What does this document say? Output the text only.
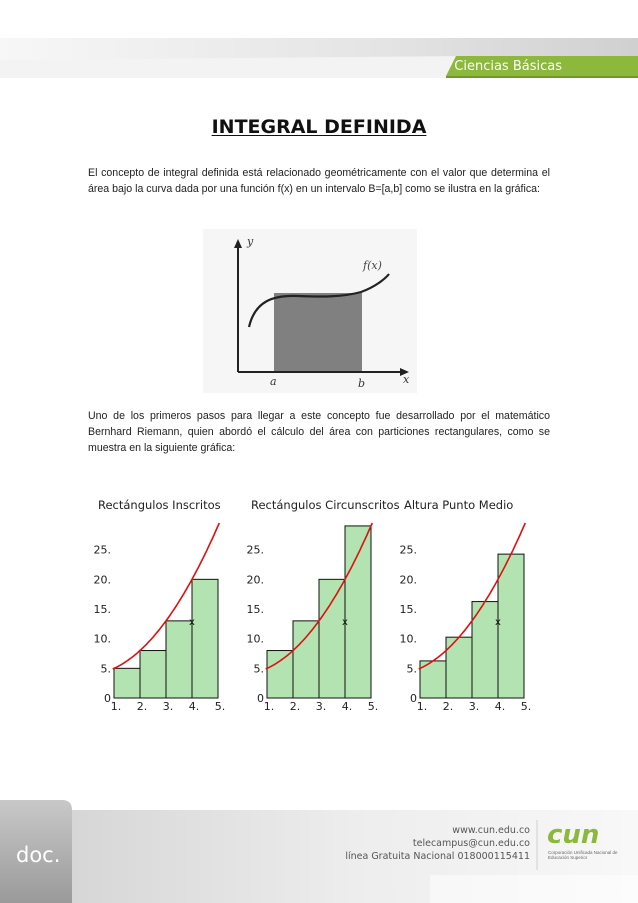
Ciencias Básicas
INTEGRAL DEFINIDA

El concepto de integral definida está relacionado geométricamente con el valor que determina el área bajo la curva dada por una función f(x) en un intervalo B=[a,b] como se ilustra en la gráfica:

y
x
f(x)
a	b

Uno de los primeros pasos para llegar a este concepto fue desarrollado por el matemático Bernhard Riemann, quien abordó el cálculo del área con particiones rectangulares, como se muestra en la siguiente gráfica:

Rectángulos Inscritos
0
5.
10.
15.
20.
25.
1. 2. 3. 4. 5.
x
Rectángulos Circunscritos
0
5.
10.
15.
20.
25.
1. 2. 3. 4. 5.
x
Altura Punto Medio
0
5.
10.
15.
20.
25.
1. 2. 3. 4. 5.
x
doc.
www.cun.edu.co
telecampus@cun.edu.co
línea Gratuita Nacional 018000115411
cun
Corporación Unificada Nacional de Educación Superior
